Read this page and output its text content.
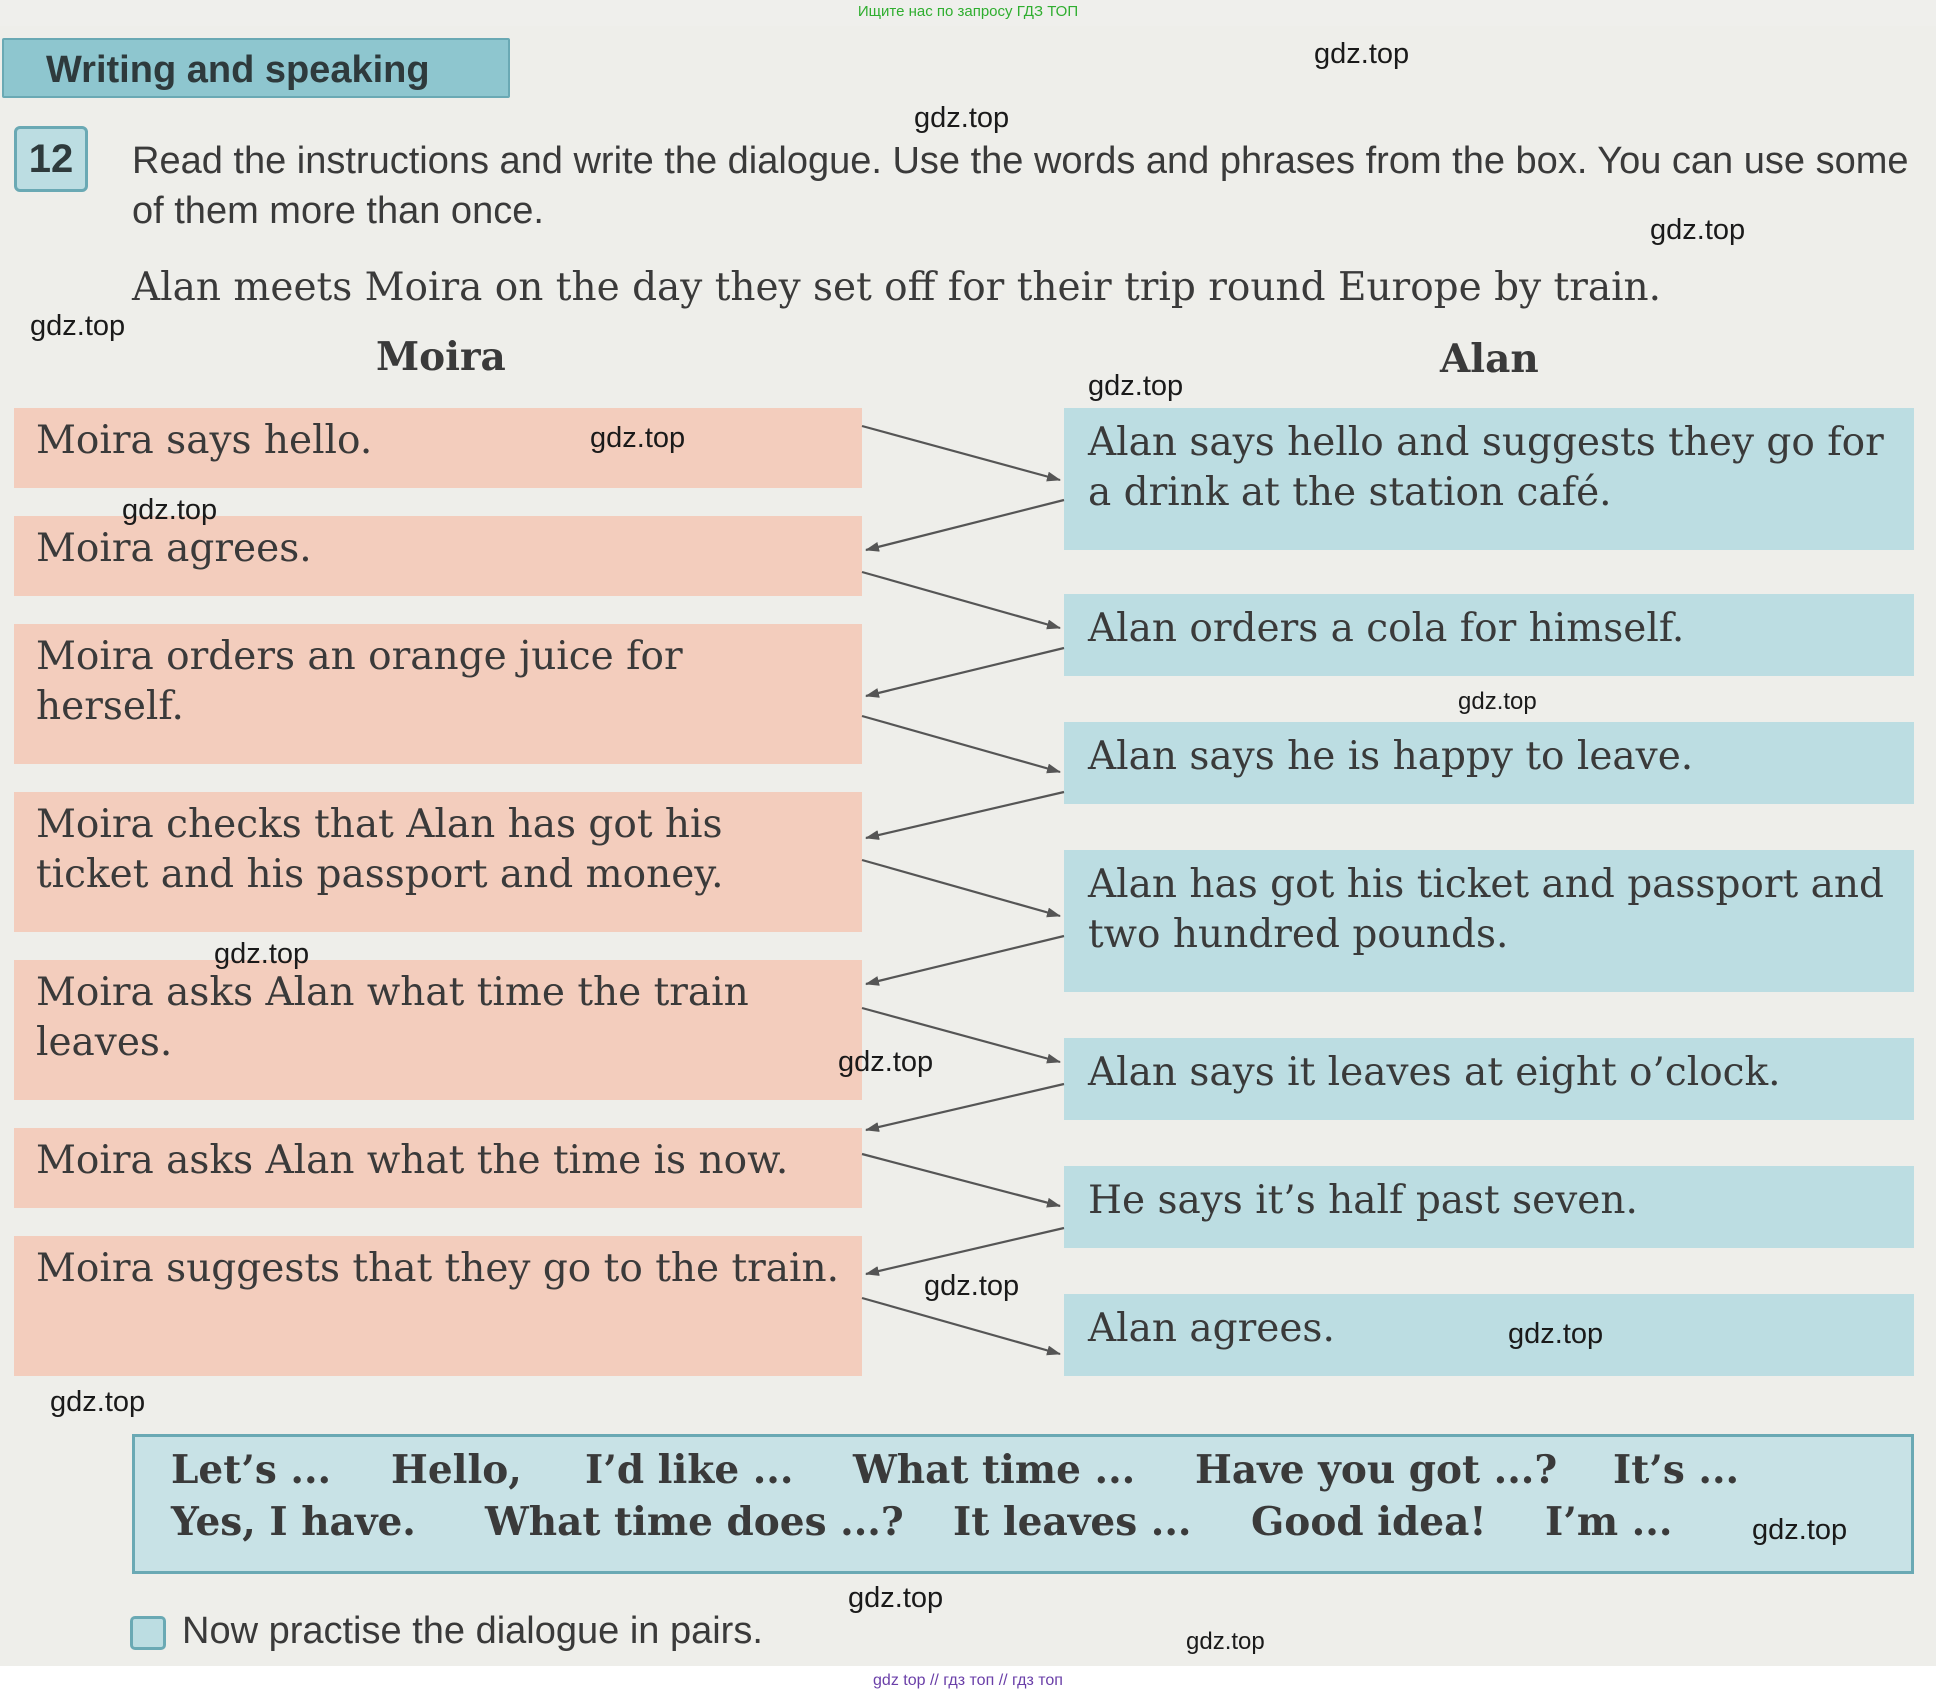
Ищите нас по запросу ГДЗ ТОП
Writing and speaking
12	Read the instructions and write the dialogue. Use the words and phrases from the box. You can use some of them more than once.
Alan meets Moira on the day they set off for their trip round Europe by train.
Moira	Alan
Moira says hello.
Moira agrees.
Moira orders an orange juice for herself.
Moira checks that Alan has got his ticket and his passport and money.
Moira asks Alan what time the train leaves.
Moira asks Alan what the time is now.
Moira suggests that they go to the train.
Alan says hello and suggests they go for a drink at the station café.
Alan orders a cola for himself.
Alan says he is happy to leave.
Alan has got his ticket and passport and two hundred pounds.
Alan says it leaves at eight o’clock.
He says it’s half past seven.
Alan agrees.
Let’s ... Hello, I’d like ... What time ... Have you got ...? It’s ...
Yes, I have. What time does ...? It leaves ... Good idea! I’m ...
Now practise the dialogue in pairs.
gdz.top
gdz.top
gdz.top
gdz.top
gdz.top
gdz.top
gdz.top
gdz.top
gdz.top
gdz.top
gdz.top
gdz.top
gdz.top
gdz.top
gdz.top
gdz.top
gdz top // гдз топ // гдз топ
